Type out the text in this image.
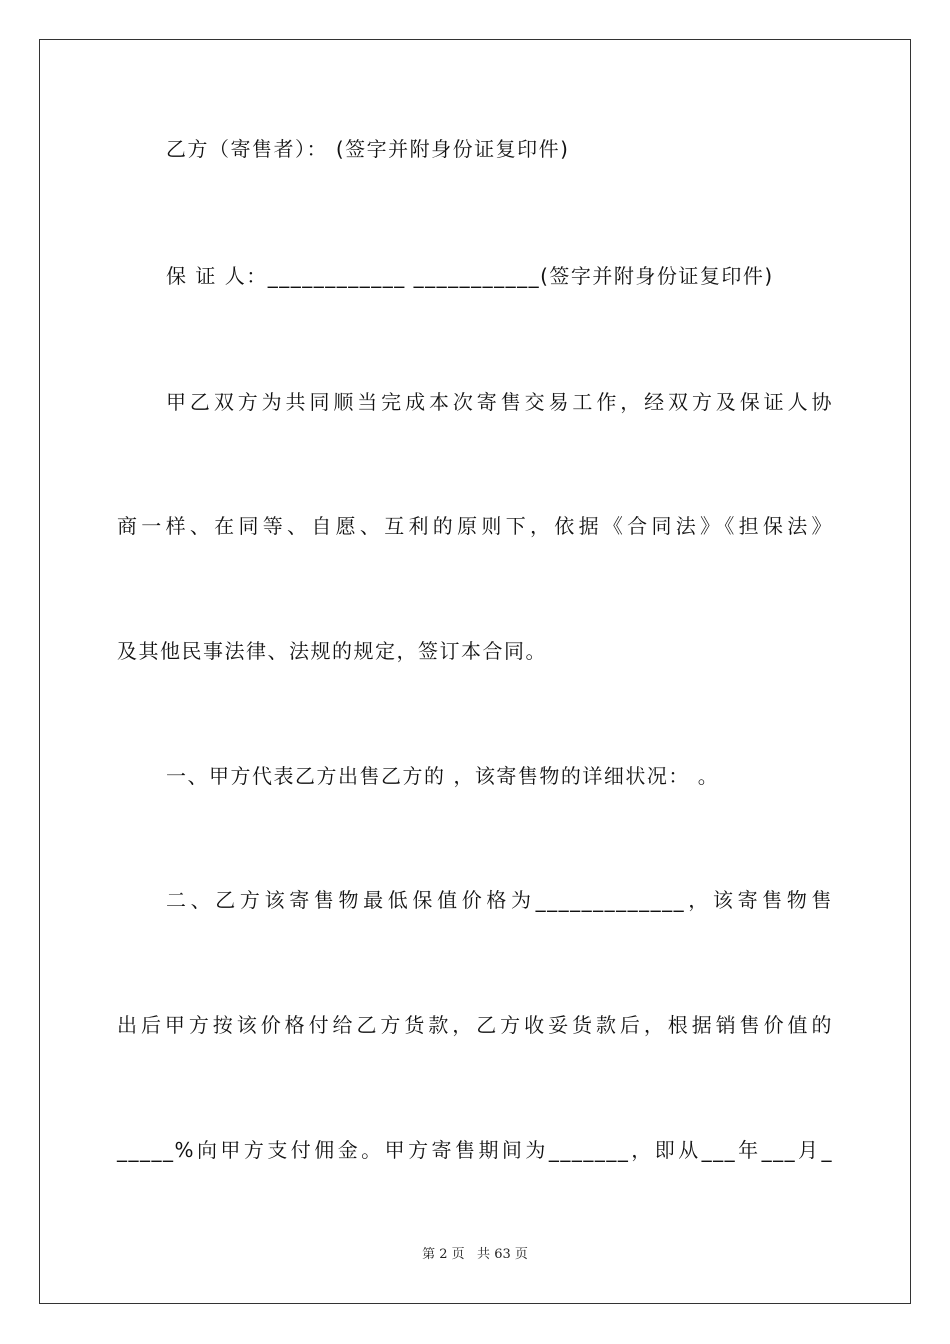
乙方（寄售者）： (签字并附身份证复印件)
保 证 人：____________ ___________(签字并附身份证复印件)
甲乙双方为共同顺当完成本次寄售交易工作，经双方及保证人协
商一样、在同等、自愿、互利的原则下，依据《合同法》《担保法》
及其他民事法律、法规的规定，签订本合同。
一、甲方代表乙方出售乙方的 ，该寄售物的详细状况： 。
二、乙方该寄售物最低保值价格为_____________，该寄售物售
出后甲方按该价格付给乙方货款，乙方收妥货款后，根据销售价值的
_____%向甲方支付佣金。甲方寄售期间为_______，即从___年___月_
第 2 页   共 63 页
